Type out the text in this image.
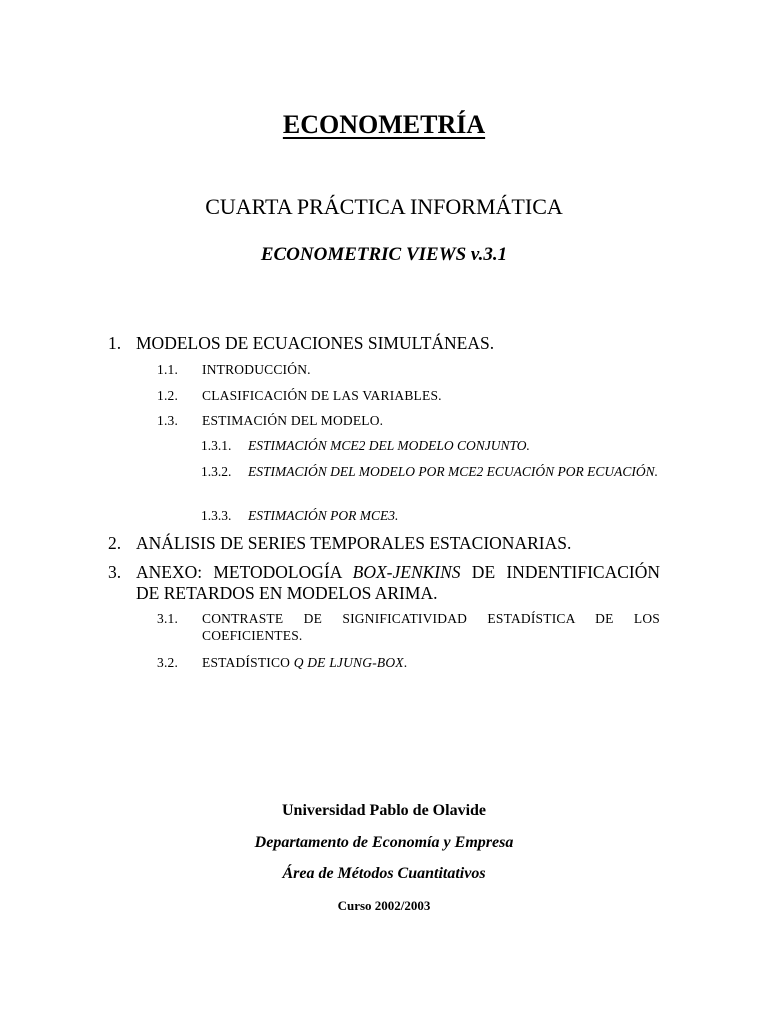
ECONOMETRÍA
CUARTA PRÁCTICA INFORMÁTICA
ECONOMETRIC VIEWS v.3.1
1. MODELOS DE ECUACIONES SIMULTÁNEAS.
1.1.	INTRODUCCIÓN.
1.2.	CLASIFICACIÓN DE LAS VARIABLES.
1.3.	ESTIMACIÓN DEL MODELO.
1.3.1.	ESTIMACIÓN MCE2 DEL MODELO CONJUNTO.
1.3.2.	ESTIMACIÓN DEL MODELO POR MCE2 ECUACIÓN POR ECUACIÓN.
1.3.3.	ESTIMACIÓN POR MCE3.
2. ANÁLISIS DE SERIES TEMPORALES ESTACIONARIAS.
3. ANEXO: METODOLOGÍA BOX-JENKINS DE INDENTIFICACIÓN DE RETARDOS EN MODELOS ARIMA.
3.1.	CONTRASTE DE SIGNIFICATIVIDAD ESTADÍSTICA DE LOS COEFICIENTES.
3.2.	ESTADÍSTICO Q DE LJUNG-BOX.
Universidad Pablo de Olavide
Departamento de Economía y Empresa
Área de Métodos Cuantitativos
Curso 2002/2003
